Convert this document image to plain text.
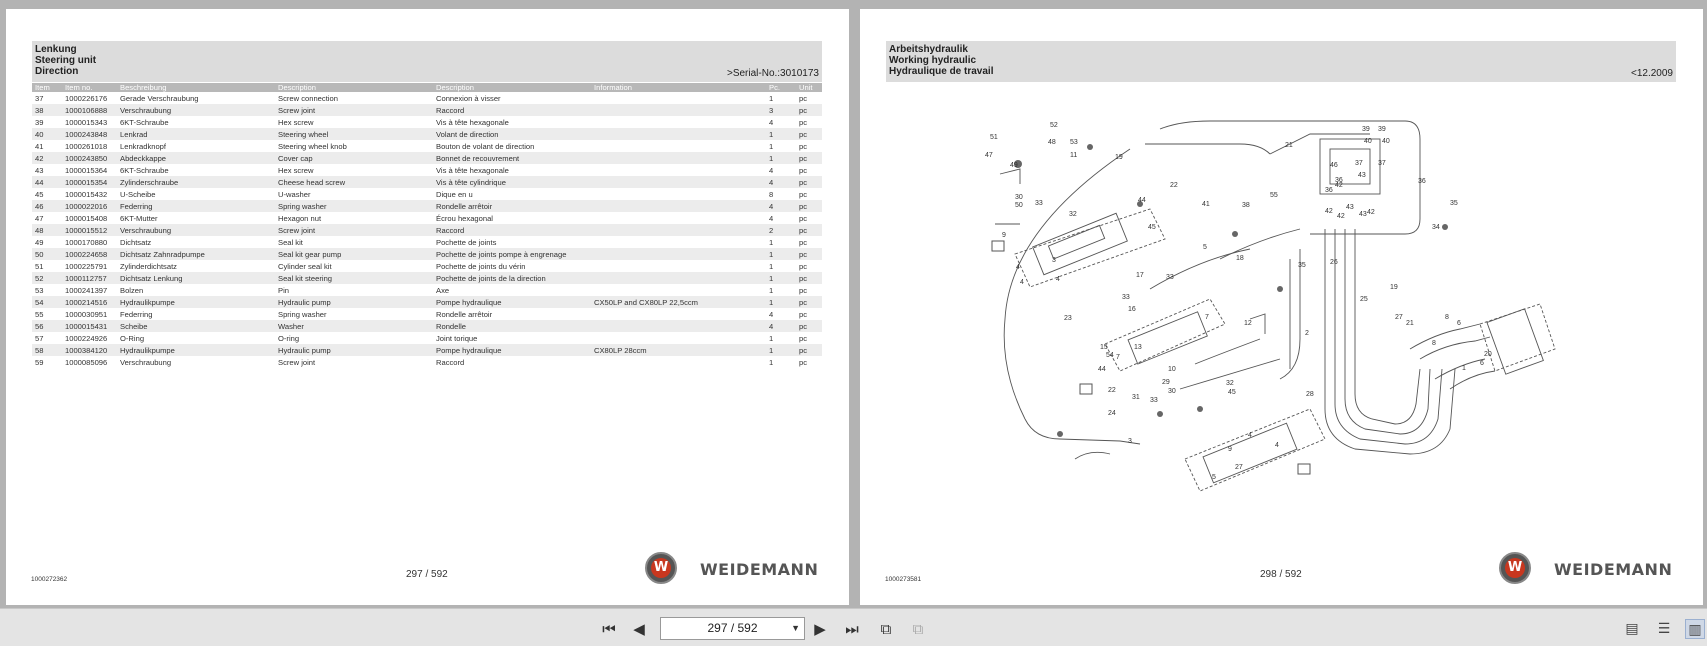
Lenkung
Steering unit
Direction	>Serial-No.:3010173
Item	Item no.	Beschreibung	Description	Description	Information	Pc.	Unit
37	1000226176	Gerade Verschraubung	Screw connection	Connexion à visser		1	pc
38	1000106888	Verschraubung	Screw joint	Raccord		3	pc
39	1000015343	6KT-Schraube	Hex screw	Vis à tête hexagonale		4	pc
40	1000243848	Lenkrad	Steering wheel	Volant de direction		1	pc
41	1000261018	Lenkradknopf	Steering wheel knob	Bouton de volant de direction		1	pc
42	1000243850	Abdeckkappe	Cover cap	Bonnet de recouvrement		1	pc
43	1000015364	6KT-Schraube	Hex screw	Vis à tête hexagonale		4	pc
44	1000015354	Zylinderschraube	Cheese head screw	Vis à tête cylindrique		4	pc
45	1000015432	U-Scheibe	U-washer	Dique en u		8	pc
46	1000022016	Federring	Spring washer	Rondelle arrêtoir		4	pc
47	1000015408	6KT-Mutter	Hexagon nut	Écrou hexagonal		4	pc
48	1000015512	Verschraubung	Screw joint	Raccord		2	pc
49	1000170880	Dichtsatz	Seal kit	Pochette de joints		1	pc
50	1000224658	Dichtsatz Zahnradpumpe	Seal kit gear pump	Pochette de joints pompe à engrenage		1	pc
51	1000225791	Zylinderdichtsatz	Cylinder seal kit	Pochette de joints du vérin		1	pc
52	1000112757	Dichtsatz Lenkung	Seal kit steering	Pochette de joints de la direction		1	pc
53	1000241397	Bolzen	Pin	Axe		1	pc
54	1000214516	Hydraulikpumpe	Hydraulic pump	Pompe hydraulique	CX50LP and CX80LP 22,5ccm	1	pc
55	1000030951	Federring	Spring washer	Rondelle arrêtoir		4	pc
56	1000015431	Scheibe	Washer	Rondelle		4	pc
57	1000224926	O-Ring	O-ring	Joint torique		1	pc
58	1000384120	Hydraulikpumpe	Hydraulic pump	Pompe hydraulique	CX80LP 28ccm	1	pc
59	1000085096	Verschraubung	Screw joint	Raccord		1	pc
1000272362	297 / 592	W WEIDEMANN
Arbeitshydraulik
Working hydraulic
Hydraulique de travail	<12.2009
51
52
47
49
48 53
11	19
21
39 39
40 40
46 37 37
36	36
42
43
33
30
50
32
22
55
44
41
42
36
38
45
9
4
3
4
4
5
18
43
42
42 43
35
34
17	33
35	26
16
7
12
33
23
28
25
19
21
27	8
6
8
6
1
20
2
7
13
15
54
44
22
10
31
29
30
33
32
45
24
3
4
9
4
5
27
1000273581	298 / 592	W WEIDEMANN
⏮ ◀	297 / 592	▼ ▶ ⏭ ⧉ ⧉	▤ ☰ ▥
